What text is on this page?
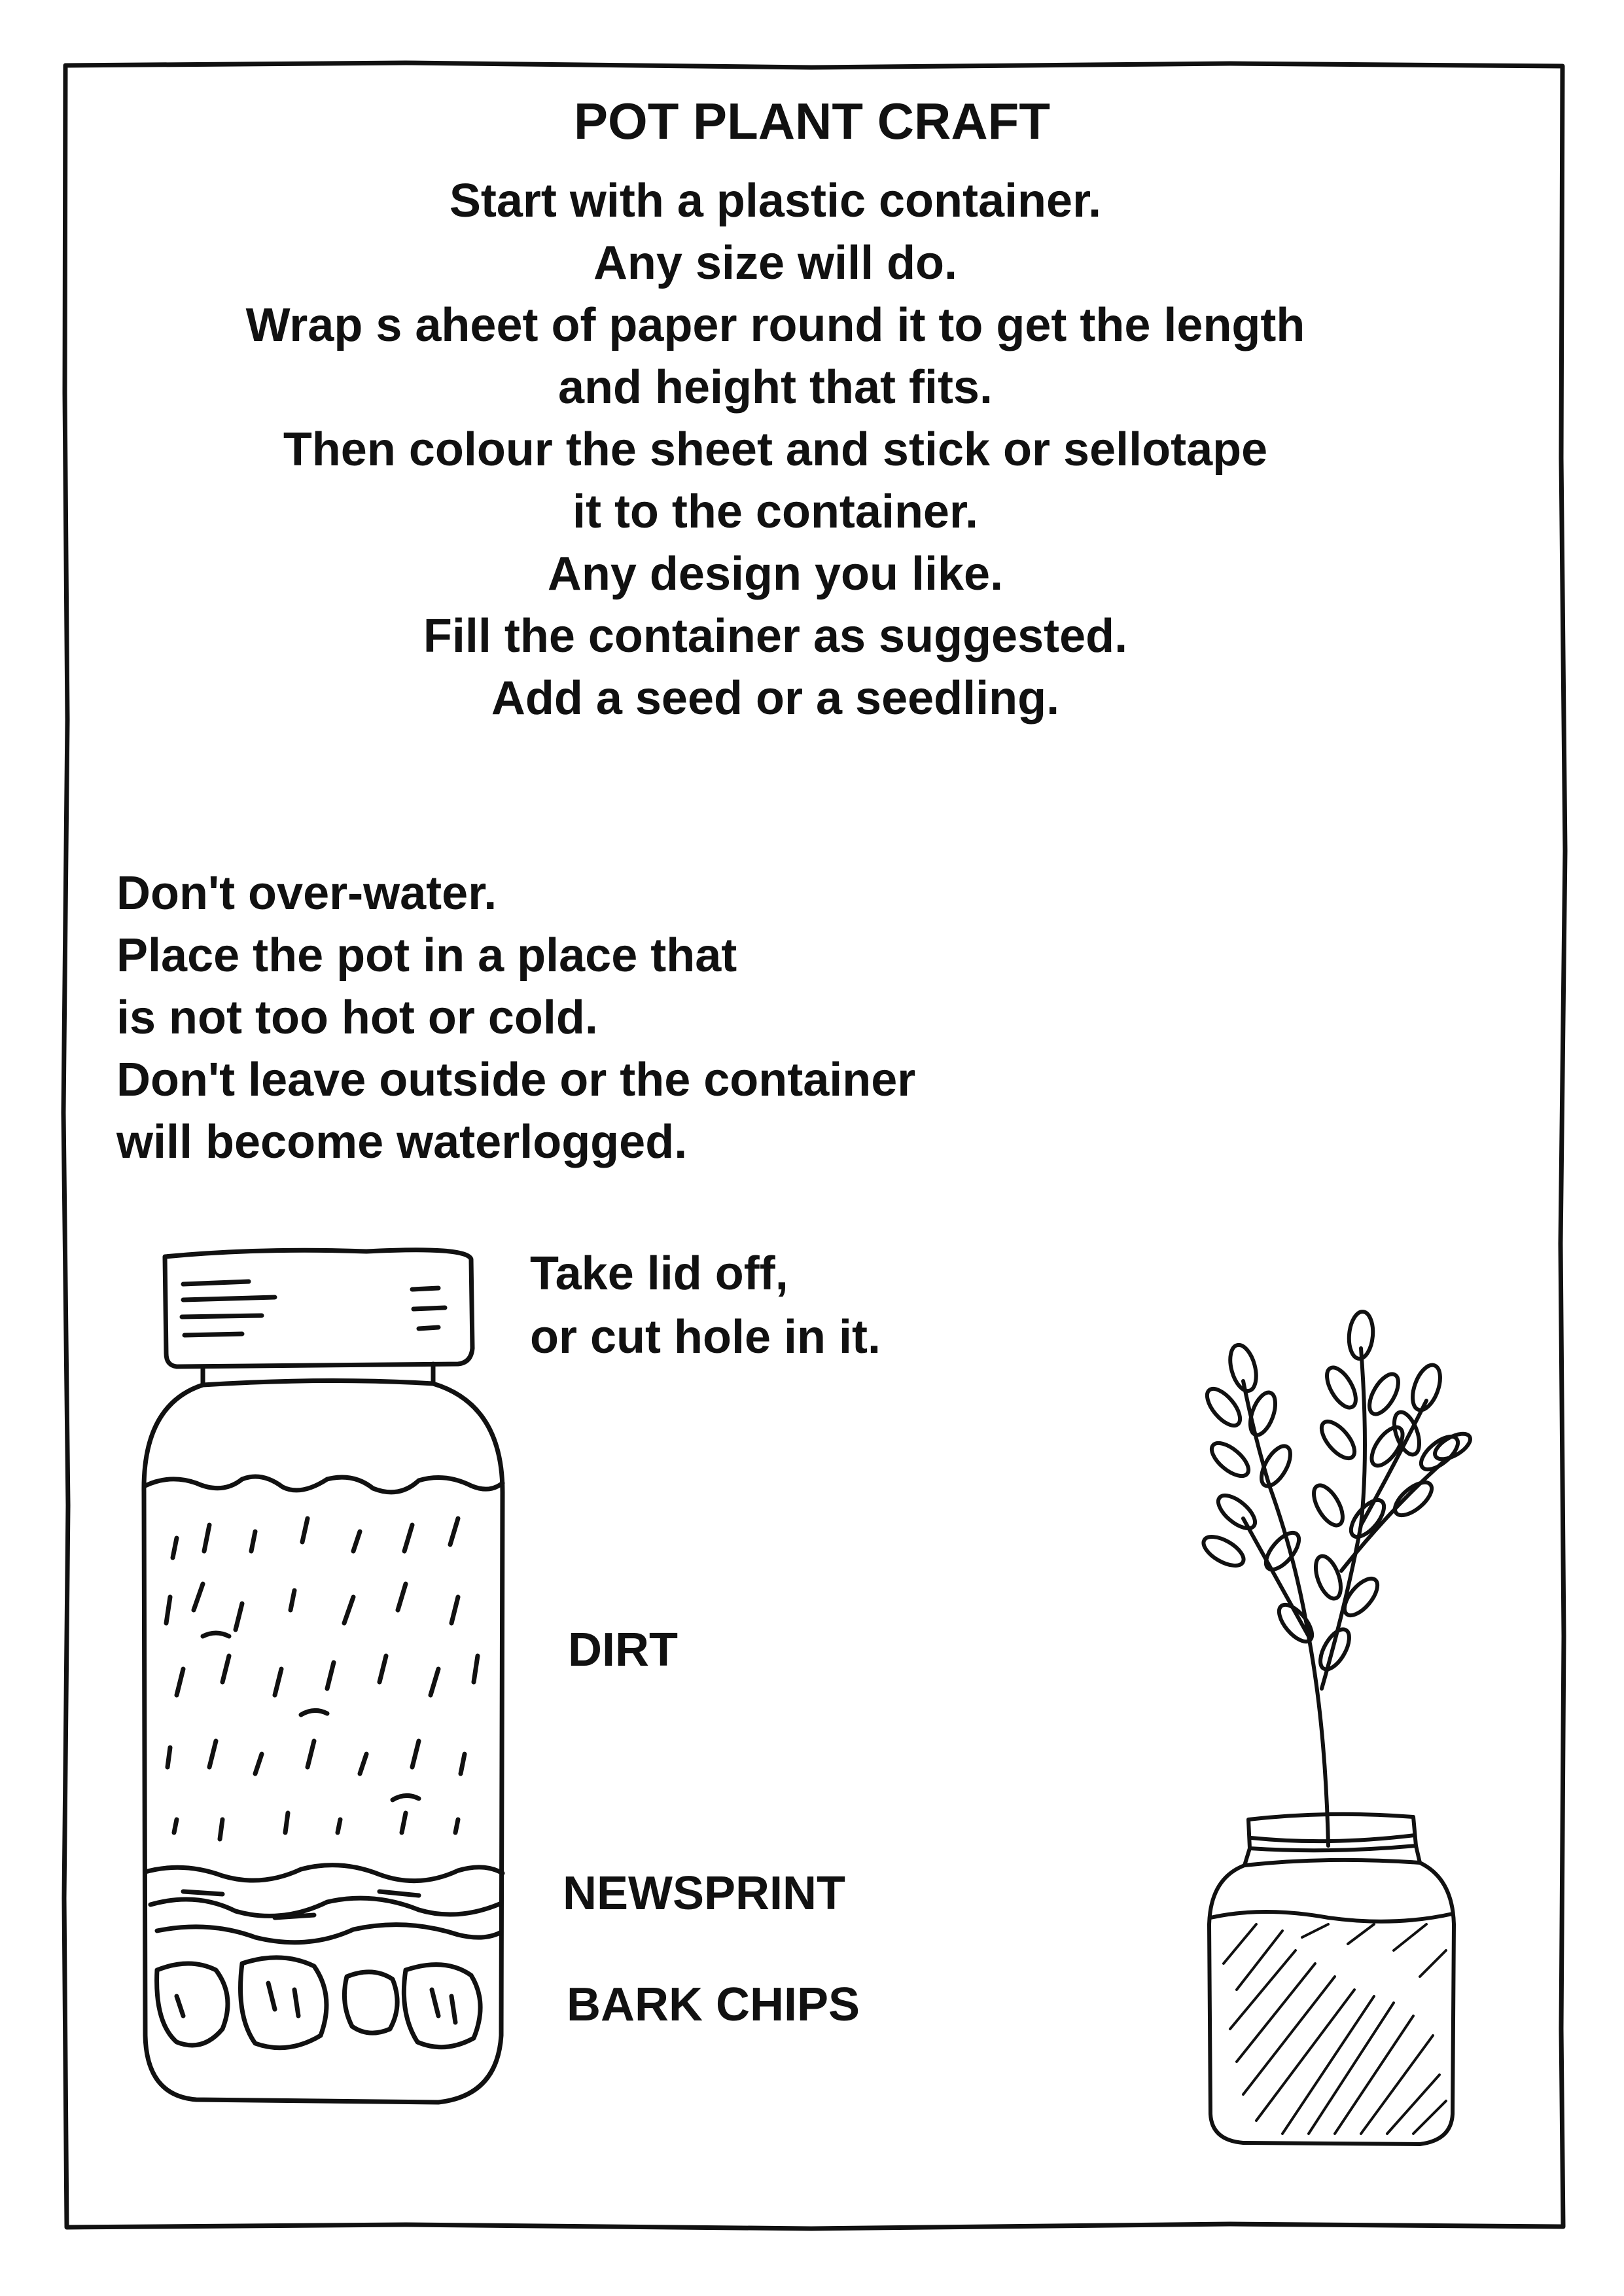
POT PLANT CRAFT
Start with a plastic container.
Any size will do.
Wrap s aheet of paper round it to get the length
and height that fits.
Then colour the sheet and stick or sellotape
it to the container.
Any design you like.
Fill the container as suggested.
Add a seed or a seedling.
Don't over-water.
Place the pot in a place that
is not too hot or cold.
Don't leave outside or the container
will become waterlogged.
Take lid off,
or cut hole in it.
DIRT
NEWSPRINT
BARK CHIPS
